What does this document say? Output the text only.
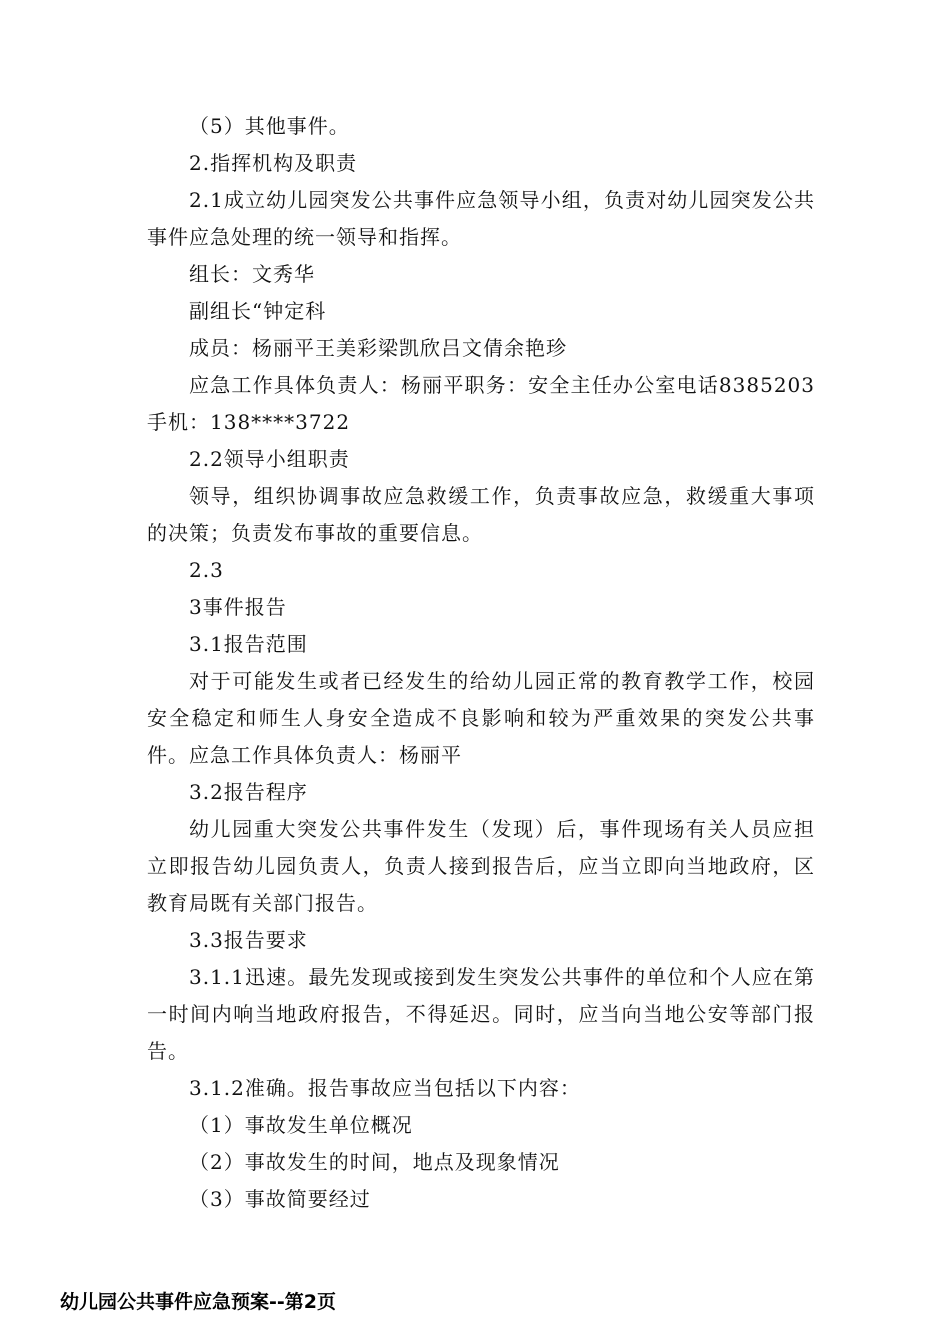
（5）其他事件。

2.指挥机构及职责

2.1成立幼儿园突发公共事件应急领导小组，负责对幼儿园突发公共事件应急处理的统一领导和指挥。

组长：文秀华

副组长“钟定科

成员：杨丽平王美彩梁凯欣吕文倩余艳珍

应急工作具体负责人：杨丽平职务：安全主任办公室电话8385203　手机：138****3722

2.2领导小组职责

领导，组织协调事故应急救缓工作，负责事故应急，救缓重大事项的决策；负责发布事故的重要信息。

2.3

3事件报告

3.1报告范围

对于可能发生或者已经发生的给幼儿园正常的教育教学工作，校园安全稳定和师生人身安全造成不良影响和较为严重效果的突发公共事件。应急工作具体负责人：杨丽平

3.2报告程序

幼儿园重大突发公共事件发生（发现）后，事件现场有关人员应担立即报告幼儿园负责人，负责人接到报告后，应当立即向当地政府，区教育局既有关部门报告。

3.3报告要求

3.1.1迅速。最先发现或接到发生突发公共事件的单位和个人应在第一时间内响当地政府报告，不得延迟。同时，应当向当地公安等部门报告。

3.1.2准确。报告事故应当包括以下内容：

（1）事故发生单位概况

（2）事故发生的时间，地点及现象情况

（3）事故简要经过

幼儿园公共事件应急预案--第2页
